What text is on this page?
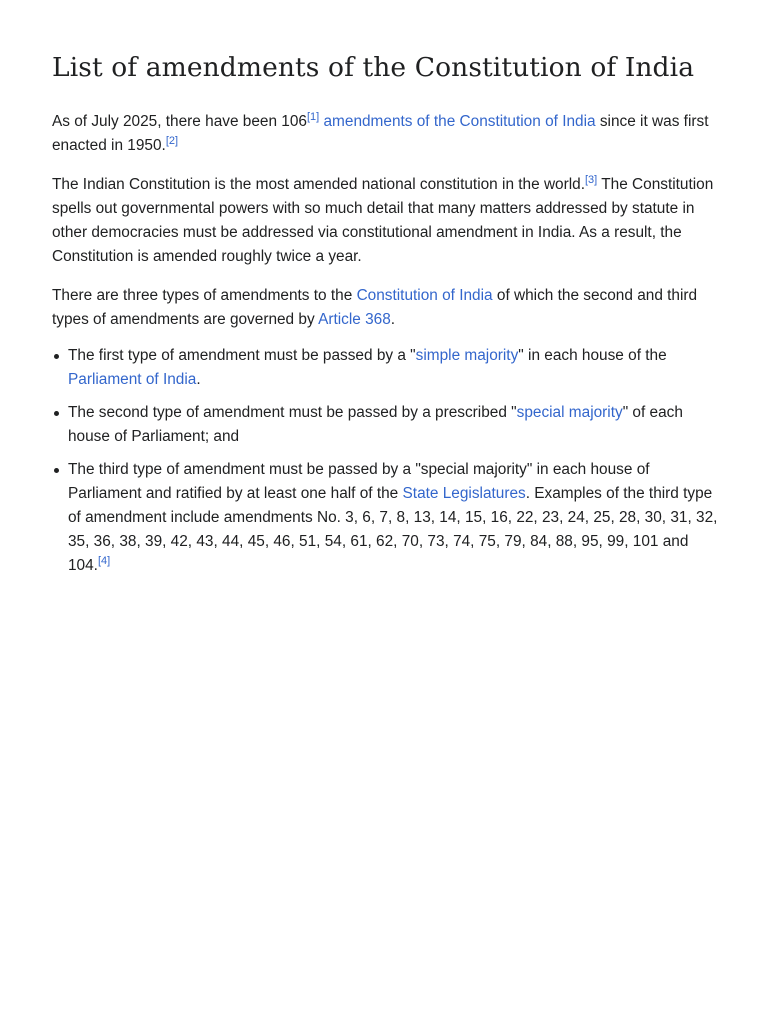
List of amendments of the Constitution of India

As of July 2025, there have been 106[1] amendments of the Constitution of India since it was first enacted in 1950.[2]

The Indian Constitution is the most amended national constitution in the world.[3] The Constitution spells out governmental powers with so much detail that many matters addressed by statute in other democracies must be addressed via constitutional amendment in India. As a result, the Constitution is amended roughly twice a year.

There are three types of amendments to the Constitution of India of which the second and third types of amendments are governed by Article 368.

The first type of amendment must be passed by a "simple majority" in each house of the Parliament of India.
The second type of amendment must be passed by a prescribed "special majority" of each house of Parliament; and
The third type of amendment must be passed by a "special majority" in each house of Parliament and ratified by at least one half of the State Legislatures. Examples of the third type of amendment include amendments No. 3, 6, 7, 8, 13, 14, 15, 16, 22, 23, 24, 25, 28, 30, 31, 32, 35, 36, 38, 39, 42, 43, 44, 45, 46, 51, 54, 61, 62, 70, 73, 74, 75, 79, 84, 88, 95, 99, 101 and 104.[4]
